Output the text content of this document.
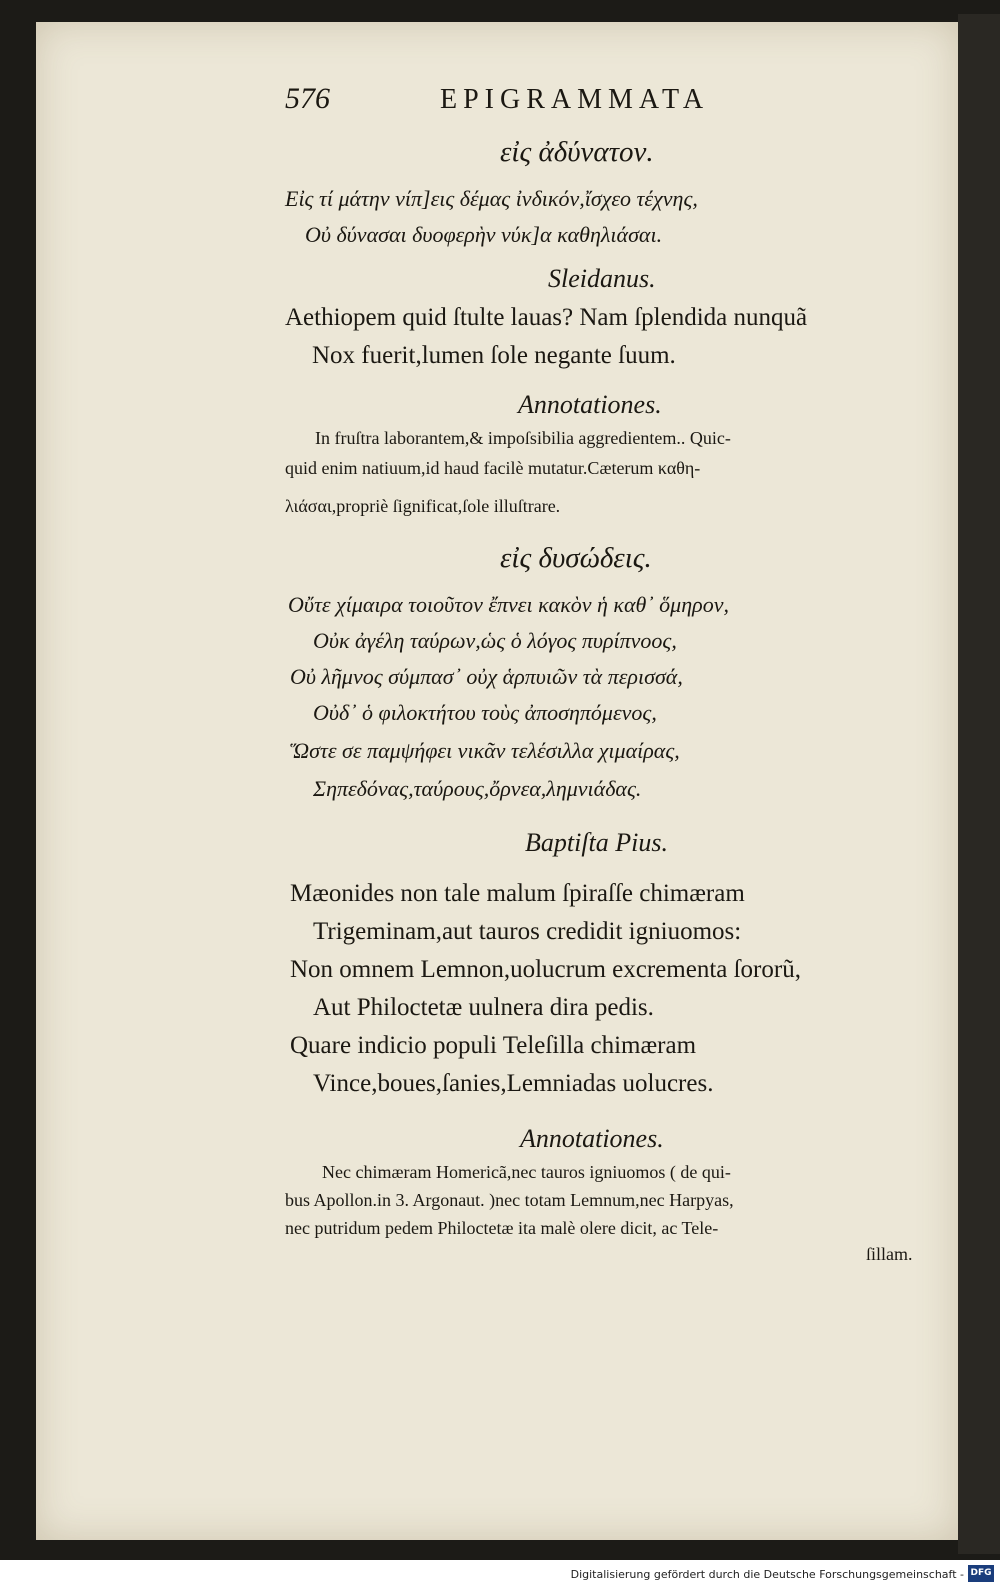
576	EPIGRAMMATA
εἰς ἀδύνατον.
Εἰς τί μάτην νίπ]εις δέμας ἰνδικόν,ἴσχεο τέχνης,
Οὐ δύνασαι δυοφερὴν νύκ]α καθηλιάσαι.
Sleidanus.
Aethiopem quid ſtulte lauas? Nam ſplendida nunquã
Nox fuerit,lumen ſole negante ſuum.
Annotationes.
In fruſtra laborantem,& impoſsibilia aggredientem.. Quic-
quid enim natiuum,id haud facilè mutatur.Cæterum καθη-
λιάσαι,propriè ſignificat,ſole illuſtrare.
εἰς δυσώδεις.
Οὔτε χίμαιρα τοιοῦτον ἔπνει κακὸν ἡ καθ᾽ ὅμηρον,
Οὐκ ἀγέλη ταύρων,ὡς ὁ λόγος πυρίπνοος,
Οὐ λῆμνος σύμπασ᾽ οὐχ ἁρπυιῶν τὰ περισσά,
Οὐδ᾽ ὁ φιλοκτήτου τοὺς ἀποσηπόμενος,
Ὥστε σε παμψήφει νικᾶν τελέσιλλα χιμαίρας,
Σηπεδόνας,ταύρους,ὄρνεα,λημνιάδας.
Baptiſta Pius.
Mæonides non tale malum ſpiraſſe chimæram
Trigeminam,aut tauros credidit igniuomos:
Non omnem Lemnon,uolucrum excrementa ſororũ,
Aut Philoctetæ uulnera dira pedis.
Quare indicio populi Teleſilla chimæram
Vince,boues,ſanies,Lemniadas uolucres.
Annotationes.
Nec chimæram Homericã,nec tauros igniuomos ( de qui-
bus Apollon.in 3. Argonaut. )nec totam Lemnum,nec Harpyas,
nec putridum pedem Philoctetæ ita malè olere dicit, ac Tele-
ſillam.
Digitalisierung gefördert durch die Deutsche Forschungsgemeinschaft - DFG
